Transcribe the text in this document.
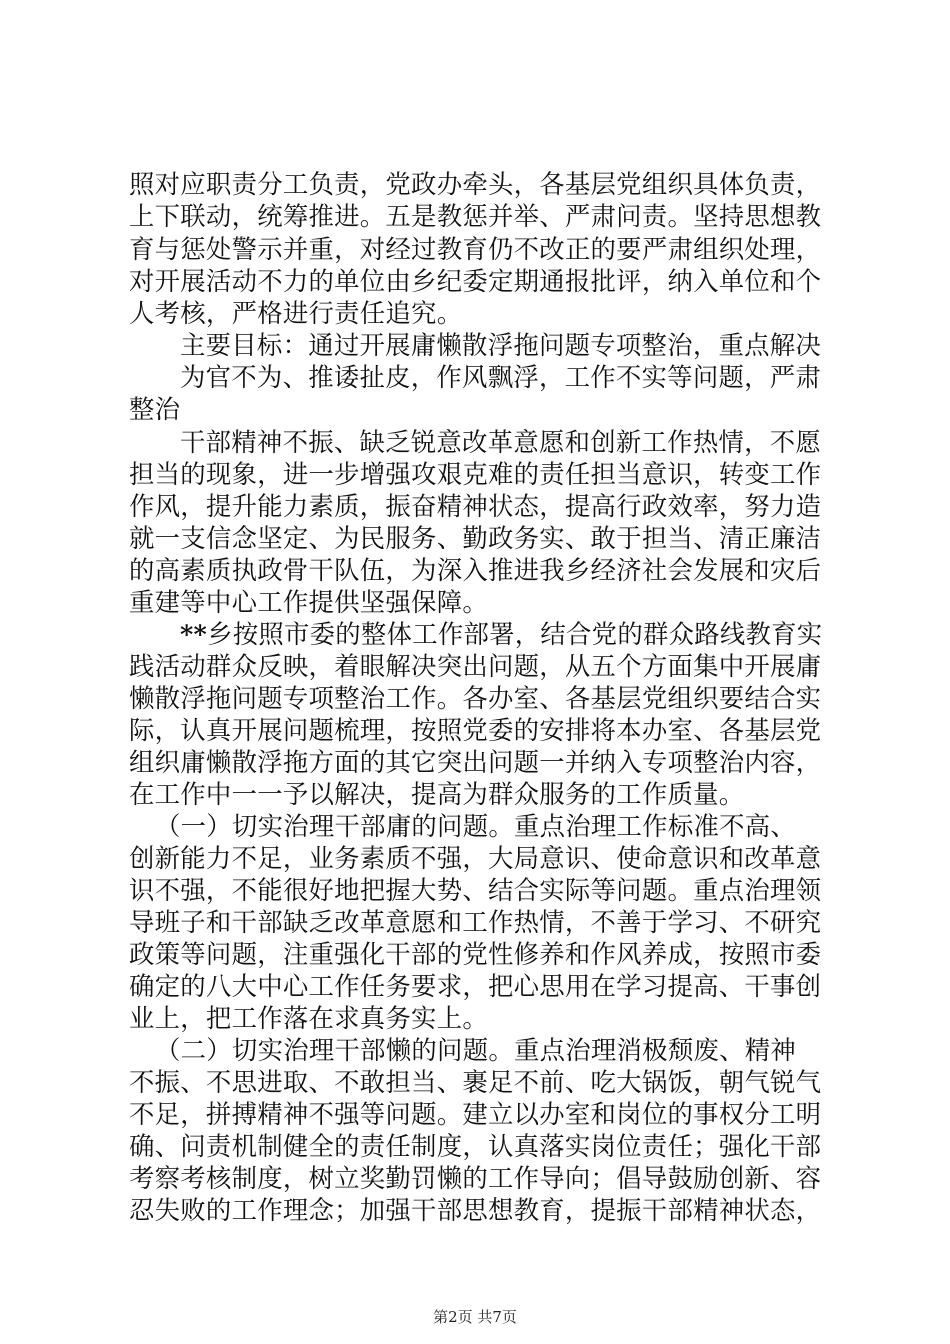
照对应职责分工负责，党政办牵头，各基层党组织具体负责，
上下联动，统筹推进。五是教惩并举、严肃问责。坚持思想教
育与惩处警示并重，对经过教育仍不改正的要严肃组织处理，
对开展活动不力的单位由乡纪委定期通报批评，纳入单位和个
人考核，严格进行责任追究。
主要目标：通过开展庸懒散浮拖问题专项整治，重点解决
为官不为、推诿扯皮，作风飘浮，工作不实等问题，严肃
整治
干部精神不振、缺乏锐意改革意愿和创新工作热情，不愿
担当的现象，进一步增强攻艰克难的责任担当意识，转变工作
作风，提升能力素质，振奋精神状态，提高行政效率，努力造
就一支信念坚定、为民服务、勤政务实、敢于担当、清正廉洁
的高素质执政骨干队伍，为深入推进我乡经济社会发展和灾后
重建等中心工作提供坚强保障。
**乡按照市委的整体工作部署，结合党的群众路线教育实
践活动群众反映，着眼解决突出问题，从五个方面集中开展庸
懒散浮拖问题专项整治工作。各办室、各基层党组织要结合实
际，认真开展问题梳理，按照党委的安排将本办室、各基层党
组织庸懒散浮拖方面的其它突出问题一并纳入专项整治内容，
在工作中一一予以解决，提高为群众服务的工作质量。
（一）切实治理干部庸的问题。重点治理工作标准不高、
创新能力不足，业务素质不强，大局意识、使命意识和改革意
识不强，不能很好地把握大势、结合实际等问题。重点治理领
导班子和干部缺乏改革意愿和工作热情，不善于学习、不研究
政策等问题，注重强化干部的党性修养和作风养成，按照市委
确定的八大中心工作任务要求，把心思用在学习提高、干事创
业上，把工作落在求真务实上。
（二）切实治理干部懒的问题。重点治理消极颓废、精神
不振、不思进取、不敢担当、裹足不前、吃大锅饭，朝气锐气
不足，拼搏精神不强等问题。建立以办室和岗位的事权分工明
确、问责机制健全的责任制度，认真落实岗位责任；强化干部
考察考核制度，树立奖勤罚懒的工作导向；倡导鼓励创新、容
忍失败的工作理念；加强干部思想教育，提振干部精神状态，
第2页 共7页
